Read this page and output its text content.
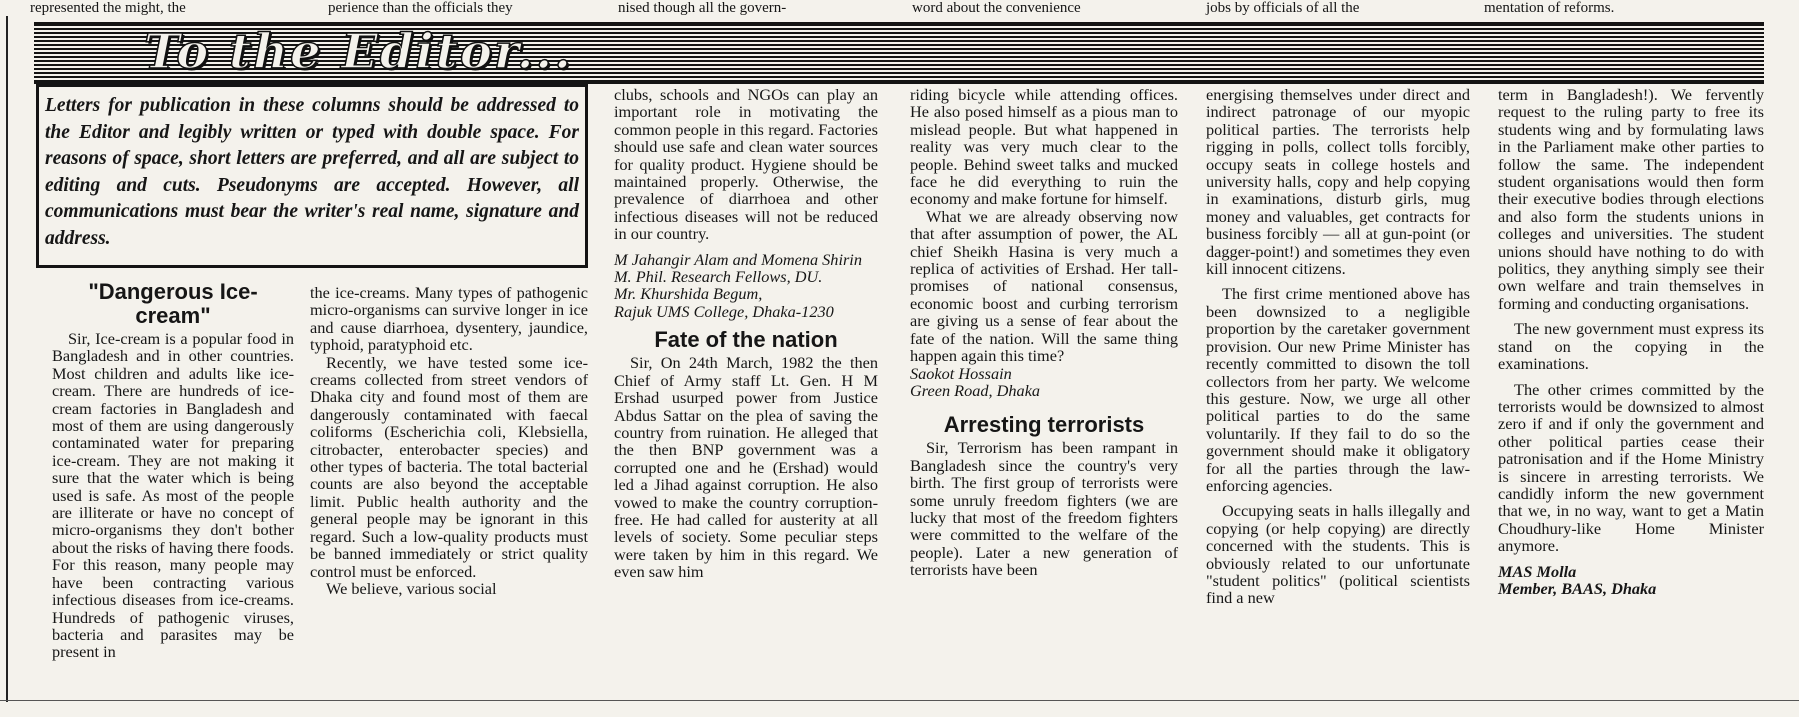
represented the might, the	perience than the officials they	nised though all the govern-	word about the convenience	jobs by officials of all the	mentation of reforms.
To the Editor...
Letters for publication in these columns should be addressed to the Editor and legibly written or typed with double space. For reasons of space, short letters are preferred, and all are subject to editing and cuts. Pseudonyms are accepted. However, all communications must bear the writer's real name, signature and address.
"Dangerous Ice-cream"

Sir, Ice-cream is a popular food in Bangladesh and in other countries. Most children and adults like ice-cream. There are hundreds of ice-cream factories in Bangladesh and most of them are using dangerously contaminated water for preparing ice-cream. They are not making it sure that the water which is being used is safe. As most of the people are illiterate or have no concept of micro-organisms they don't bother about the risks of having there foods. For this reason, many people may have been contracting various infectious diseases from ice-creams. Hundreds of pathogenic viruses, bacteria and parasites may be present in

the ice-creams. Many types of pathogenic micro-organisms can survive longer in ice and cause diarrhoea, dysentery, jaundice, typhoid, paratyphoid etc.

Recently, we have tested some ice-creams collected from street vendors of Dhaka city and found most of them are dangerously contaminated with faecal coliforms (Escherichia coli, Klebsiella, citrobacter, enterobacter species) and other types of bacteria. The total bacterial counts are also beyond the acceptable limit. Public health authority and the general people may be ignorant in this regard. Such a low-quality products must be banned immediately or strict quality control must be enforced.

We believe, various social

clubs, schools and NGOs can play an important role in motivating the common people in this regard. Factories should use safe and clean water sources for quality product. Hygiene should be maintained properly. Otherwise, the prevalence of diarrhoea and other infectious diseases will not be reduced in our country.

M Jahangir Alam and Momena Shirin

M. Phil. Research Fellows, DU.

Mr. Khurshida Begum,

Rajuk UMS College, Dhaka-1230

Fate of the nation

Sir, On 24th March, 1982 the then Chief of Army staff Lt. Gen. H M Ershad usurped power from Justice Abdus Sattar on the plea of saving the country from ruination. He alleged that the then BNP government was a corrupted one and he (Ershad) would led a Jihad against corruption. He also vowed to make the country corruption-free. He had called for austerity at all levels of society. Some peculiar steps were taken by him in this regard. We even saw him

riding bicycle while attending offices. He also posed himself as a pious man to mislead people. But what happened in reality was very much clear to the people. Behind sweet talks and mucked face he did everything to ruin the economy and make fortune for himself.

What we are already observing now that after assumption of power, the AL chief Sheikh Hasina is very much a replica of activities of Ershad. Her tall-promises of national consensus, economic boost and curbing terrorism are giving us a sense of fear about the fate of the nation. Will the same thing happen again this time?

Saokot Hossain

Green Road, Dhaka

Arresting terrorists

Sir, Terrorism has been rampant in Bangladesh since the country's very birth. The first group of terrorists were some unruly freedom fighters (we are lucky that most of the freedom fighters were committed to the welfare of the people). Later a new generation of terrorists have been

energising themselves under direct and indirect patronage of our myopic political parties. The terrorists help rigging in polls, collect tolls forcibly, occupy seats in college hostels and university halls, copy and help copying in examinations, disturb girls, mug money and valuables, get contracts for business forcibly — all at gun-point (or dagger-point!) and sometimes they even kill innocent citizens.

The first crime mentioned above has been downsized to a negligible proportion by the caretaker government provision. Our new Prime Minister has recently committed to disown the toll collectors from her party. We welcome this gesture. Now, we urge all other political parties to do the same voluntarily. If they fail to do so the government should make it obligatory for all the parties through the law-enforcing agencies.

Occupying seats in halls illegally and copying (or help copying) are directly concerned with the students. This is obviously related to our unfortunate "student politics" (political scientists find a new

term in Bangladesh!). We fervently request to the ruling party to free its students wing and by formulating laws in the Parliament make other parties to follow the same. The independent student organisations would then form their executive bodies through elections and also form the students unions in colleges and universities. The student unions should have nothing to do with politics, they anything simply see their own welfare and train themselves in forming and conducting organisations.

The new government must express its stand on the copying in the examinations.

The other crimes committed by the terrorists would be downsized to almost zero if and if only the government and other political parties cease their patronisation and if the Home Ministry is sincere in arresting terrorists. We candidly inform the new government that we, in no way, want to get a Matin Choudhury-like Home Minister anymore.

MAS Molla

Member, BAAS, Dhaka
